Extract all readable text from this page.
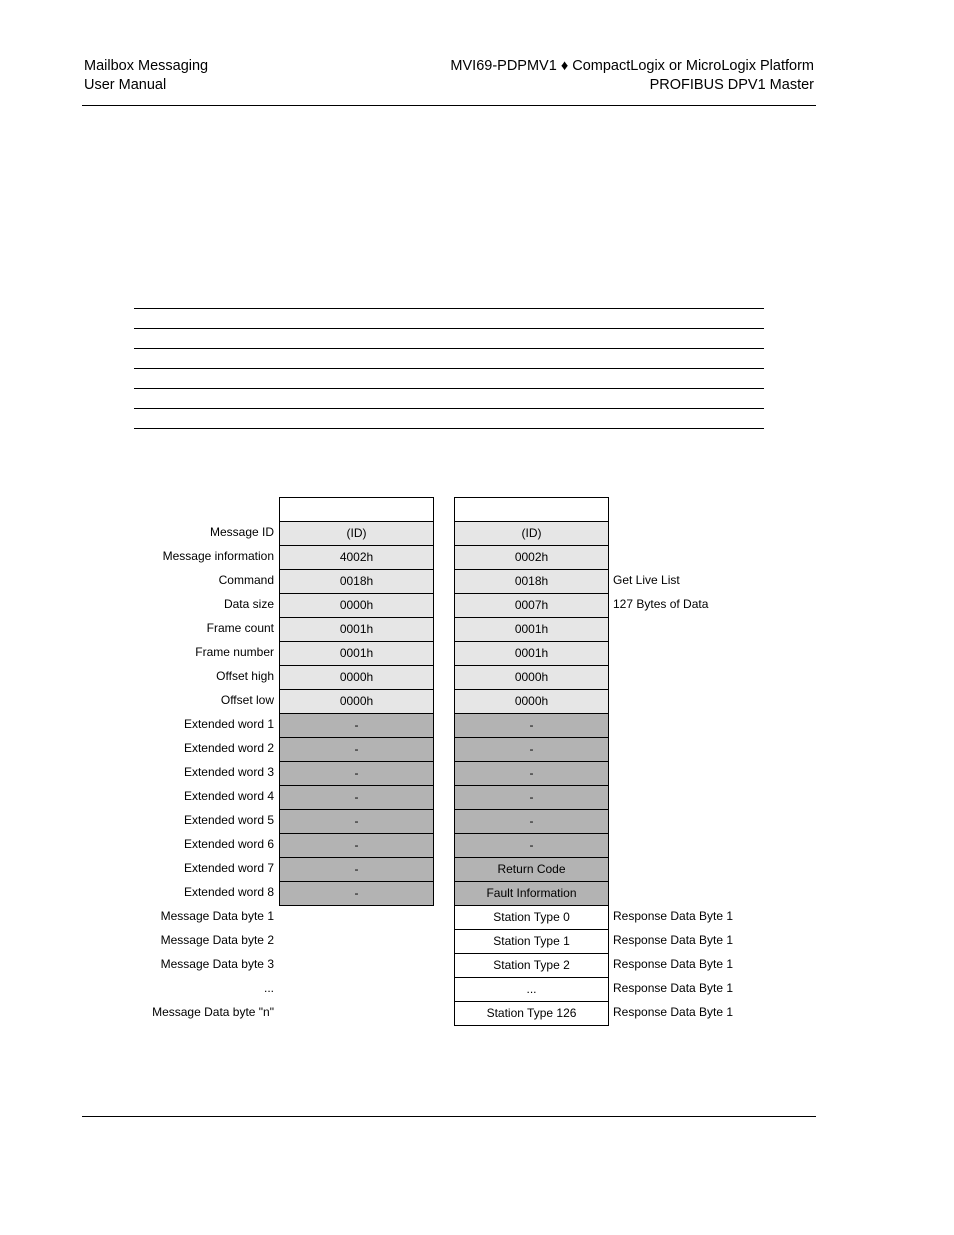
Mailbox Messaging
User Manual
MVI69-PDPMV1 ♦ CompactLogix or MicroLogix Platform
PROFIBUS DPV1 Master
Message ID
Message information
Command
Data size
Frame count
Frame number
Offset high
Offset low
Extended word 1
Extended word 2
Extended word 3
Extended word 4
Extended word 5
Extended word 6
Extended word 7
Extended word 8
Message Data byte 1
Message Data byte 2
Message Data byte 3
...
Message Data byte "n"
(ID)
4002h
0018h
0000h
0001h
0001h
0000h
0000h
-
-
-
-
-
-
-
-
(ID)
0002h
0018h
0007h
0001h
0001h
0000h
0000h
-
-
-
-
-
-
Return Code
Fault Information
Station Type 0
Station Type 1
Station Type 2
...
Station Type 126
Get Live List
127 Bytes of Data
Response Data Byte 1
Response Data Byte 1
Response Data Byte 1
Response Data Byte 1
Response Data Byte 1
